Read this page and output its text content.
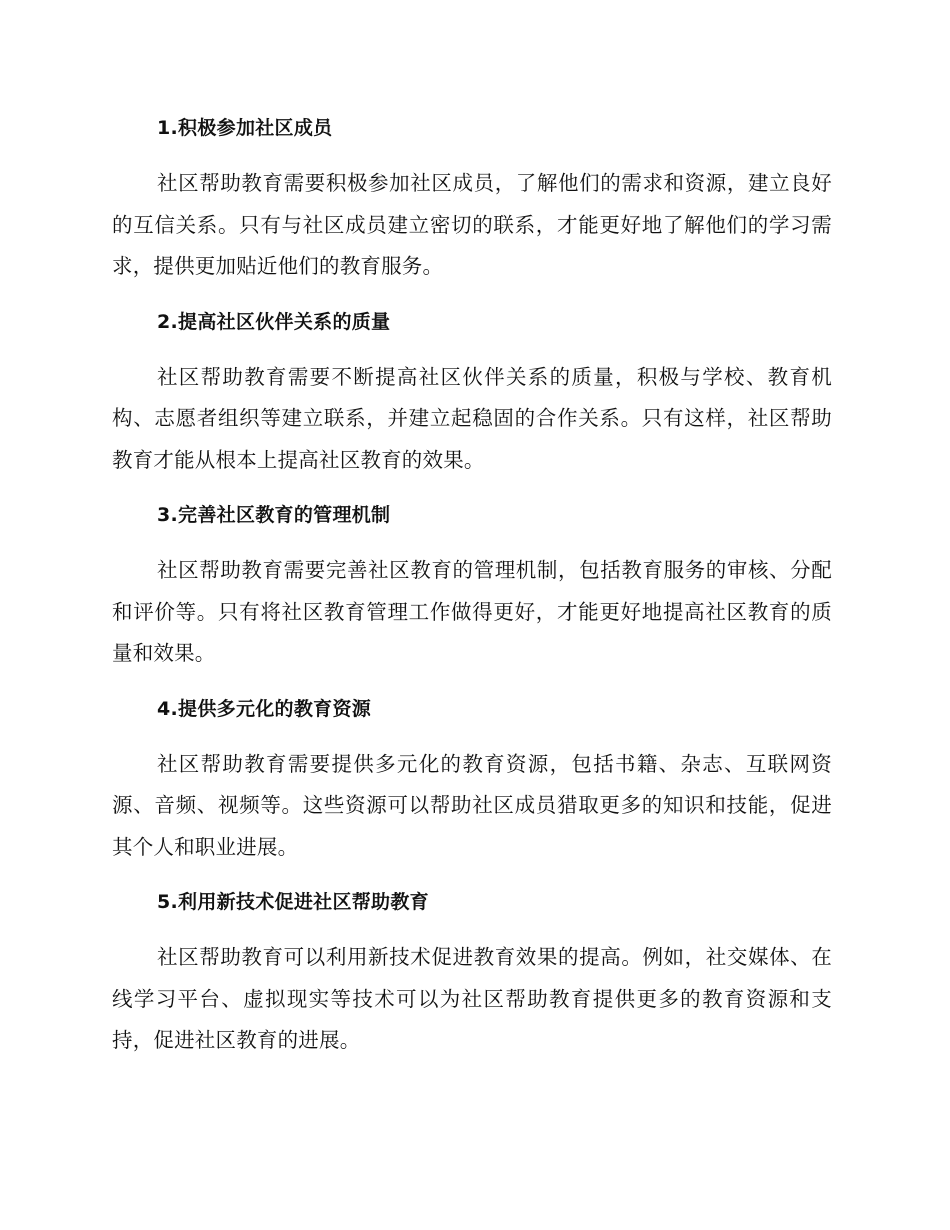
1.积极参加社区成员

社区帮助教育需要积极参加社区成员，了解他们的需求和资源，建立良好的互信关系。只有与社区成员建立密切的联系，才能更好地了解他们的学习需求，提供更加贴近他们的教育服务。

2.提高社区伙伴关系的质量

社区帮助教育需要不断提高社区伙伴关系的质量，积极与学校、教育机构、志愿者组织等建立联系，并建立起稳固的合作关系。只有这样，社区帮助教育才能从根本上提高社区教育的效果。

3.完善社区教育的管理机制

社区帮助教育需要完善社区教育的管理机制，包括教育服务的审核、分配和评价等。只有将社区教育管理工作做得更好，才能更好地提高社区教育的质量和效果。

4.提供多元化的教育资源

社区帮助教育需要提供多元化的教育资源，包括书籍、杂志、互联网资源、音频、视频等。这些资源可以帮助社区成员猎取更多的知识和技能，促进其个人和职业进展。

5.利用新技术促进社区帮助教育

社区帮助教育可以利用新技术促进教育效果的提高。例如，社交媒体、在线学习平台、虚拟现实等技术可以为社区帮助教育提供更多的教育资源和支持，促进社区教育的进展。
